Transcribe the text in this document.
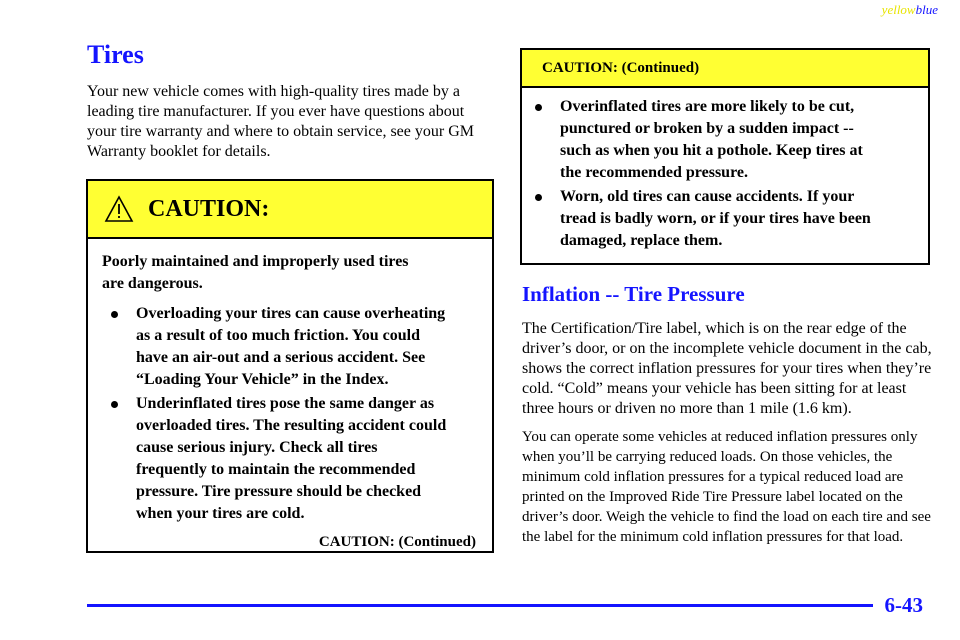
yellowblue
Tires

Your new vehicle comes with high-quality tires made by a leading tire manufacturer. If you ever have questions about your tire warranty and where to obtain service, see your GM Warranty booklet for details.

CAUTION:
Poorly maintained and improperly used tires are dangerous.
Overloading your tires can cause overheating as a result of too much friction. You could have an air-out and a serious accident. See “Loading Your Vehicle” in the Index.
Underinflated tires pose the same danger as overloaded tires. The resulting accident could cause serious injury. Check all tires frequently to maintain the recommended pressure. Tire pressure should be checked when your tires are cold.
CAUTION: (Continued)
CAUTION: (Continued)
Overinflated tires are more likely to be cut, punctured or broken by a sudden impact -- such as when you hit a pothole. Keep tires at the recommended pressure.
Worn, old tires can cause accidents. If your tread is badly worn, or if your tires have been damaged, replace them.
Inflation -- Tire Pressure

The Certification/Tire label, which is on the rear edge of the driver’s door, or on the incomplete vehicle document in the cab, shows the correct inflation pressures for your tires when they’re cold. “Cold” means your vehicle has been sitting for at least three hours or driven no more than 1 mile (1.6 km).

You can operate some vehicles at reduced inflation pressures only when you’ll be carrying reduced loads. On those vehicles, the minimum cold inflation pressures for a typical reduced load are printed on the Improved Ride Tire Pressure label located on the driver’s door. Weigh the vehicle to find the load on each tire and see the label for the minimum cold inflation pressures for that load.

6-43
